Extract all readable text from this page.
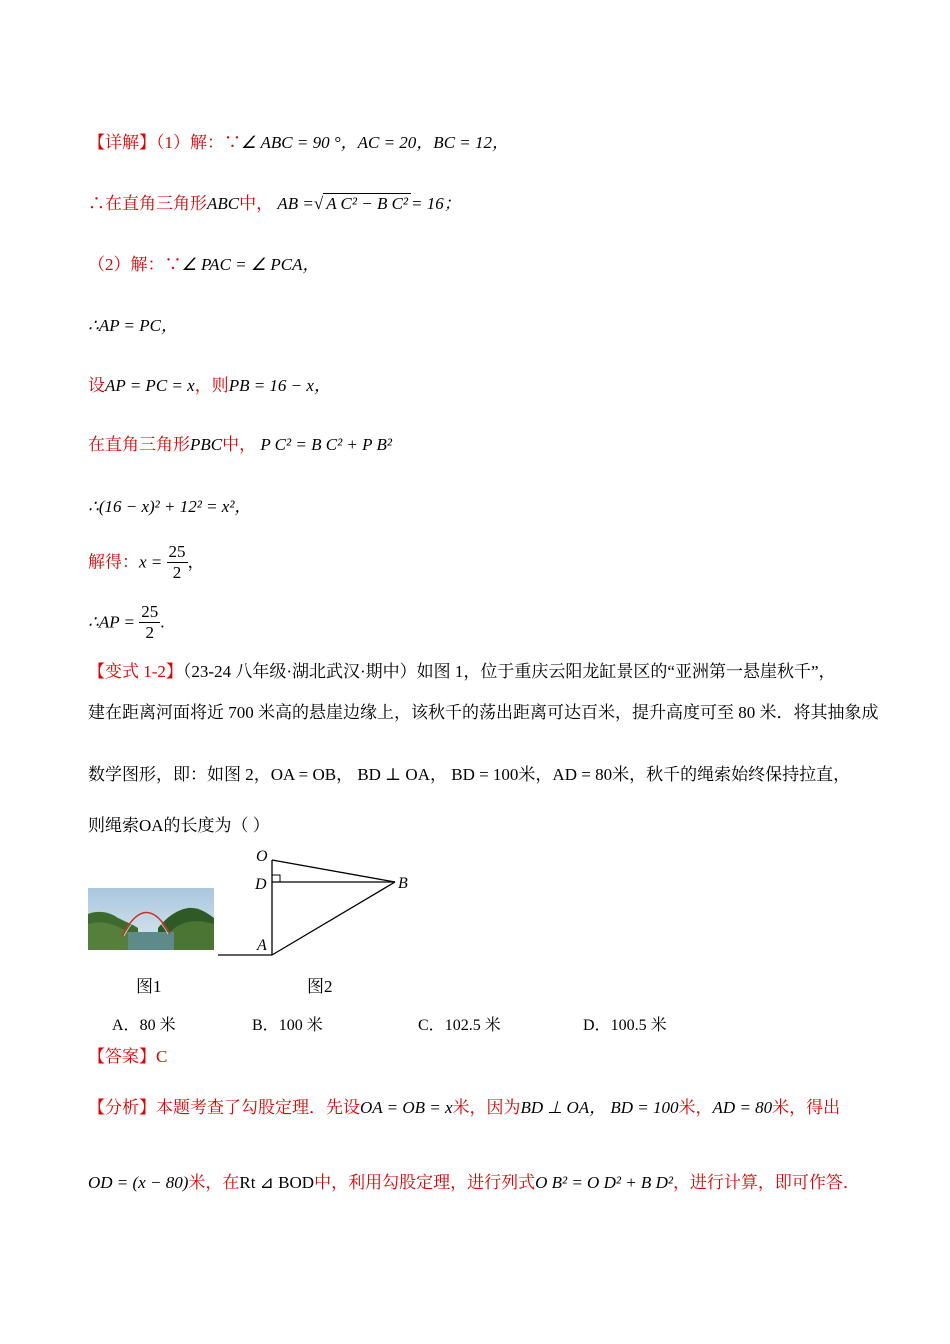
【详解】（1）解：∵∠ ABC = 90 °，AC = 20，BC = 12，
∴在直角三角形ABC中， AB =√ A C² − B C² = 16；
（2）解：∵∠ PAC = ∠ PCA，
∴AP = PC，
设AP = PC = x，则PB = 16 − x，
在直角三角形PBC中， P C² = B C² + P B²
∴(16 − x)² + 12² = x²，
解得：$x = \frac{25}{2}$ ，
∴AP = $\frac{25}{2}$ .
【变式 1-2】（23-24 八年级·湖北武汉·期中）如图 1，位于重庆云阳龙缸景区的“亚洲第一悬崖秋千”，
建在距离河面将近 700 米高的悬崖边缘上，该秋千的荡出距离可达百米，提升高度可至 80 米．将其抽象成
数学图形，即：如图 2，OA = OB， BD ⊥ OA， BD = 100米，AD = 80米，秋千的绳索始终保持拉直，
则绳索OA的长度为（ ）
图1
O
D	B
A
图2
A．80 米	B．100 米	C．102.5 米	D．100.5 米
【答案】C
【分析】本题考查了勾股定理．先设OA = OB = x米，因为BD ⊥ OA， BD = 100米，AD = 80米，得出
OD = (x − 80)米，在Rt ⊿ BOD中，利用勾股定理，进行列式O B² = O D² + B D²，进行计算，即可作答．
